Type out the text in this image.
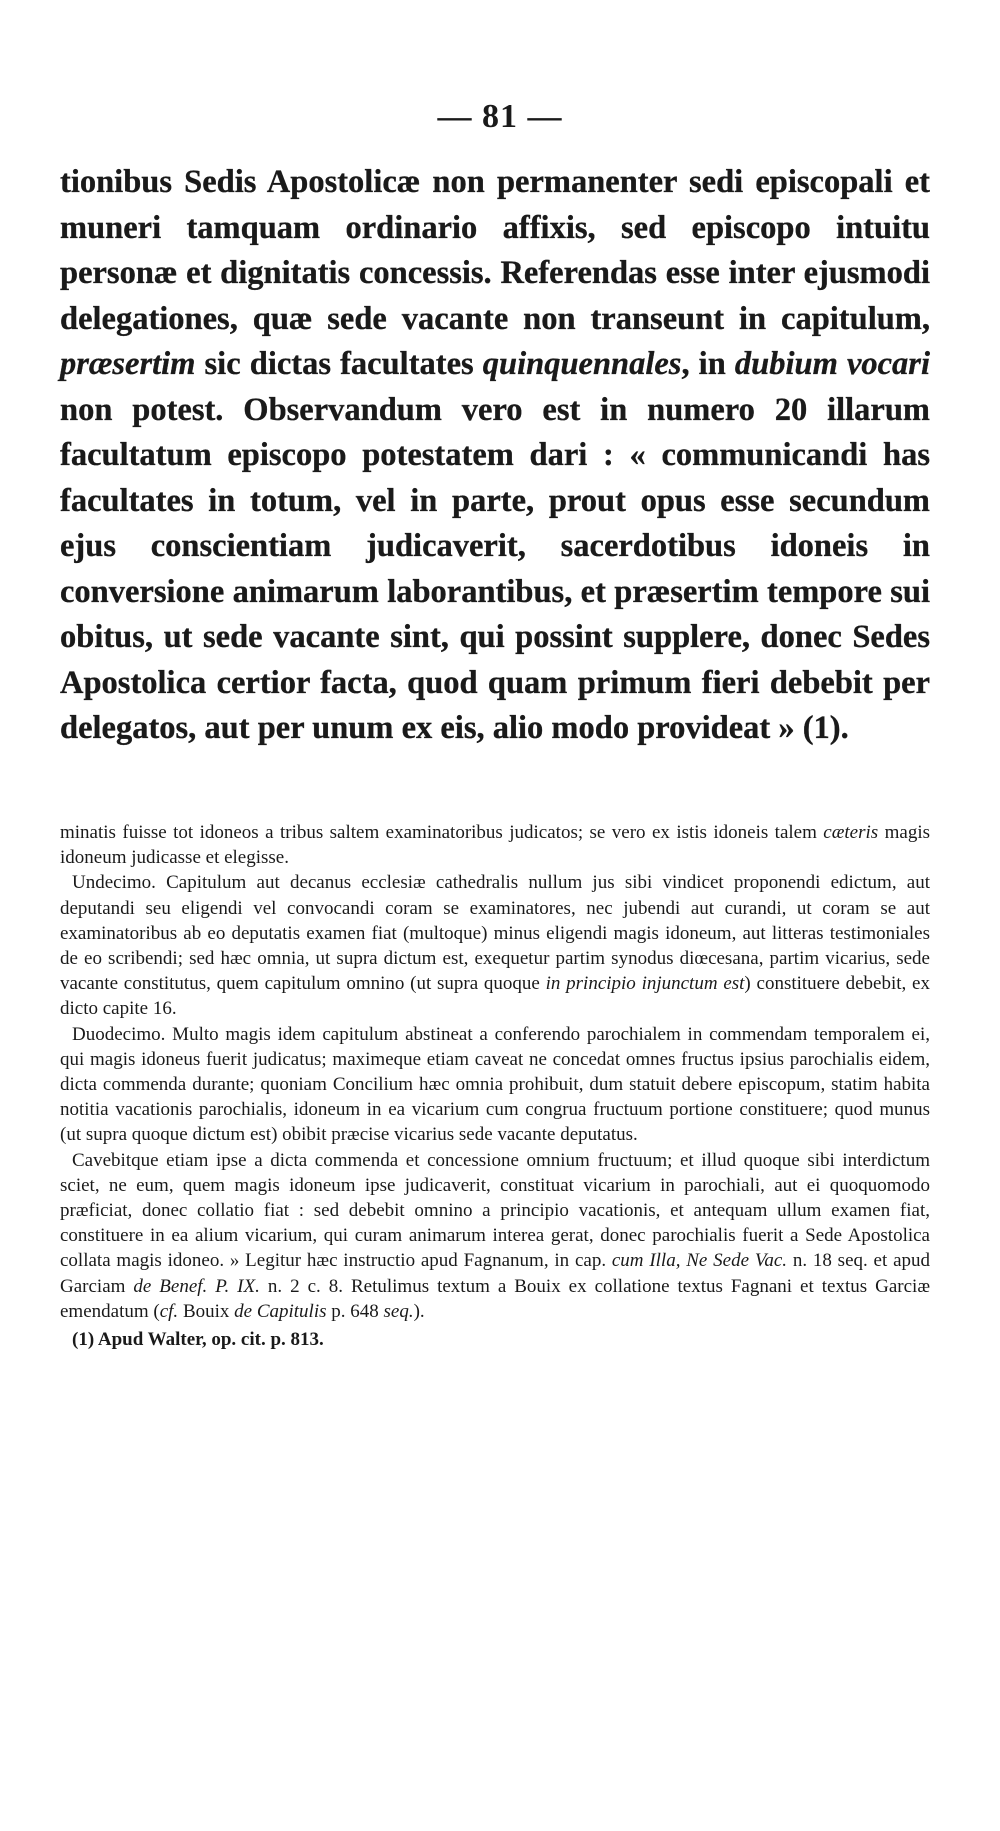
— 81 —

tionibus Sedis Apostolicæ non permanenter sedi episcopali et muneri tamquam ordinario affixis, sed episcopo intuitu personæ et dignitatis concessis. Referendas esse inter ejusmodi delegationes, quæ sede vacante non transeunt in capitulum, præsertim sic dictas facultates quinquennales, in dubium vocari non potest. Observandum vero est in numero 20 illarum facultatum episcopo potestatem dari : « communicandi has facultates in totum, vel in parte, prout opus esse secundum ejus conscientiam judicaverit, sacerdotibus idoneis in conversione animarum laborantibus, et præsertim tempore sui obitus, ut sede vacante sint, qui possint supplere, donec Sedes Apostolica certior facta, quod quam primum fieri debebit per delegatos, aut per unum ex eis, alio modo provideat » (1).

minatis fuisse tot idoneos a tribus saltem examinatoribus judicatos; se vero ex istis idoneis talem cæteris magis idoneum judicasse et elegisse.

Undecimo. Capitulum aut decanus ecclesiæ cathedralis nullum jus sibi vindicet proponendi edictum, aut deputandi seu eligendi vel convocandi coram se examinatores, nec jubendi aut curandi, ut coram se aut examinatoribus ab eo deputatis examen fiat (multoque) minus eligendi magis idoneum, aut litteras testimoniales de eo scribendi; sed hæc omnia, ut supra dictum est, exequetur partim synodus diœcesana, partim vicarius, sede vacante constitutus, quem capitulum omnino (ut supra quoque in principio injunctum est) constituere debebit, ex dicto capite 16.

Duodecimo. Multo magis idem capitulum abstineat a conferendo parochialem in commendam temporalem ei, qui magis idoneus fuerit judicatus; maximeque etiam caveat ne concedat omnes fructus ipsius parochialis eidem, dicta commenda durante; quoniam Concilium hæc omnia prohibuit, dum statuit debere episcopum, statim habita notitia vacationis parochialis, idoneum in ea vicarium cum congrua fructuum portione constituere; quod munus (ut supra quoque dictum est) obibit præcise vicarius sede vacante deputatus.

Cavebitque etiam ipse a dicta commenda et concessione omnium fructuum; et illud quoque sibi interdictum sciet, ne eum, quem magis idoneum ipse judicaverit, constituat vicarium in parochiali, aut ei quoquomodo præficiat, donec collatio fiat : sed debebit omnino a principio vacationis, et antequam ullum examen fiat, constituere in ea alium vicarium, qui curam animarum interea gerat, donec parochialis fuerit a Sede Apostolica collata magis idoneo. » Legitur hæc instructio apud Fagnanum, in cap. cum Illa, Ne Sede Vac. n. 18 seq. et apud Garciam de Benef. P. IX. n. 2 c. 8. Retulimus textum a Bouix ex collatione textus Fagnani et textus Garciæ emendatum (cf. Bouix de Capitulis p. 648 seq.).

(1) Apud Walter, op. cit. p. 813.
